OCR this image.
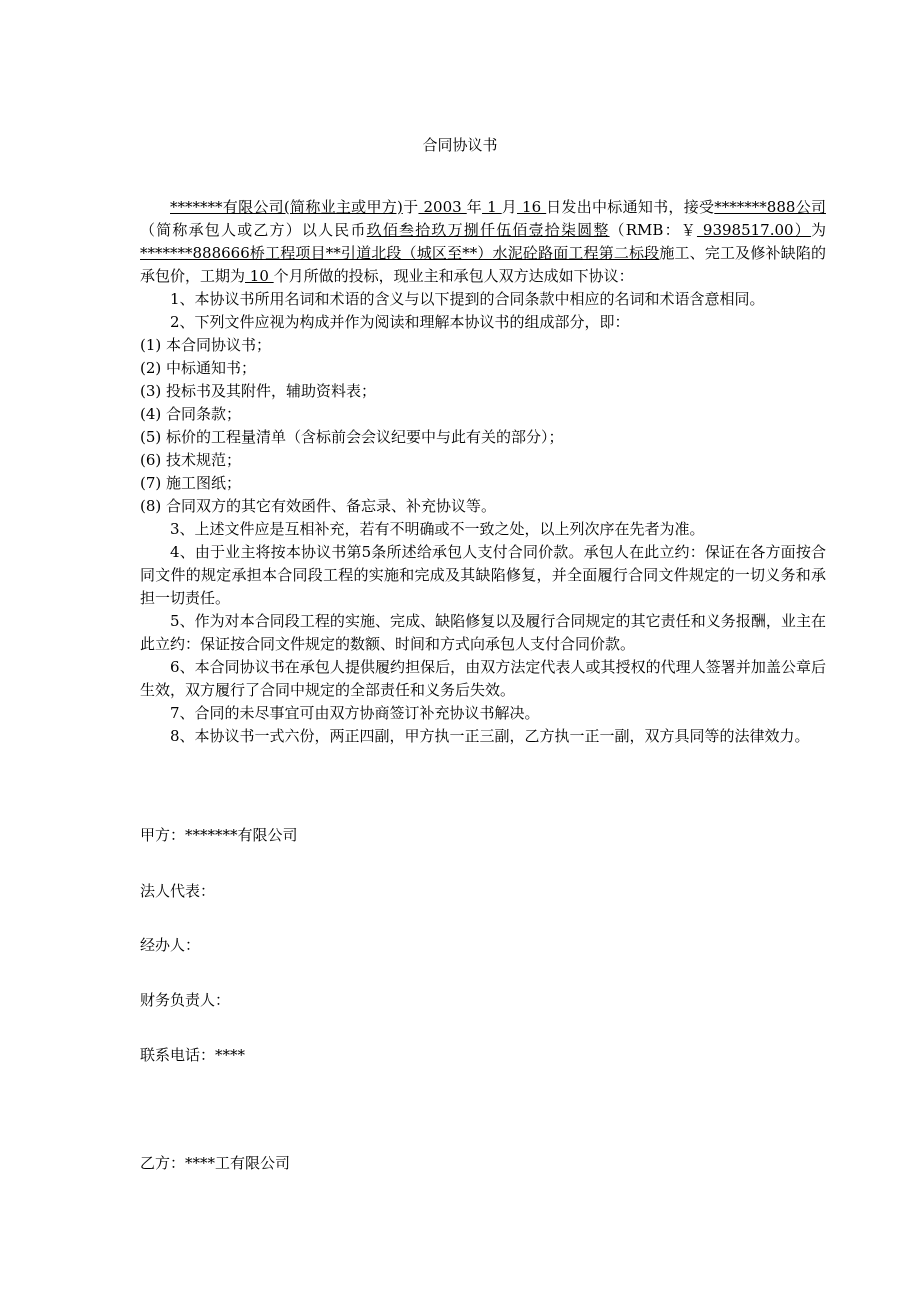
合同协议书

*******有限公司(简称业主或甲方)于 2003 年 1 月 16 日发出中标通知书，接受*******888公司（简称承包人或乙方）以人民币玖佰叁拾玖万捌仟伍佰壹拾柒圆整（RMB：￥ 9398517.00）为*******888666桥工程项目**引道北段（城区至**）水泥砼路面工程第二标段施工、完工及修补缺陷的承包价，工期为 10 个月所做的投标，现业主和承包人双方达成如下协议：

1、本协议书所用名词和术语的含义与以下提到的合同条款中相应的名词和术语含意相同。

2、下列文件应视为构成并作为阅读和理解本协议书的组成部分，即：

(1) 本合同协议书；

(2) 中标通知书；

(3) 投标书及其附件，辅助资料表；

(4) 合同条款；

(5) 标价的工程量清单（含标前会会议纪要中与此有关的部分）；

(6) 技术规范；

(7) 施工图纸；

(8) 合同双方的其它有效函件、备忘录、补充协议等。

3、上述文件应是互相补充，若有不明确或不一致之处，以上列次序在先者为准。

4、由于业主将按本协议书第5条所述给承包人支付合同价款。承包人在此立约：保证在各方面按合同文件的规定承担本合同段工程的实施和完成及其缺陷修复，并全面履行合同文件规定的一切义务和承担一切责任。

5、作为对本合同段工程的实施、完成、缺陷修复以及履行合同规定的其它责任和义务报酬，业主在此立约：保证按合同文件规定的数额、时间和方式向承包人支付合同价款。

6、本合同协议书在承包人提供履约担保后，由双方法定代表人或其授权的代理人签署并加盖公章后生效，双方履行了合同中规定的全部责任和义务后失效。

7、合同的未尽事宜可由双方协商签订补充协议书解决。

8、本协议书一式六份，两正四副，甲方执一正三副，乙方执一正一副，双方具同等的法律效力。

甲方：*******有限公司
法人代表：
经办人：
财务负责人：
联系电话：****
乙方：****工有限公司
